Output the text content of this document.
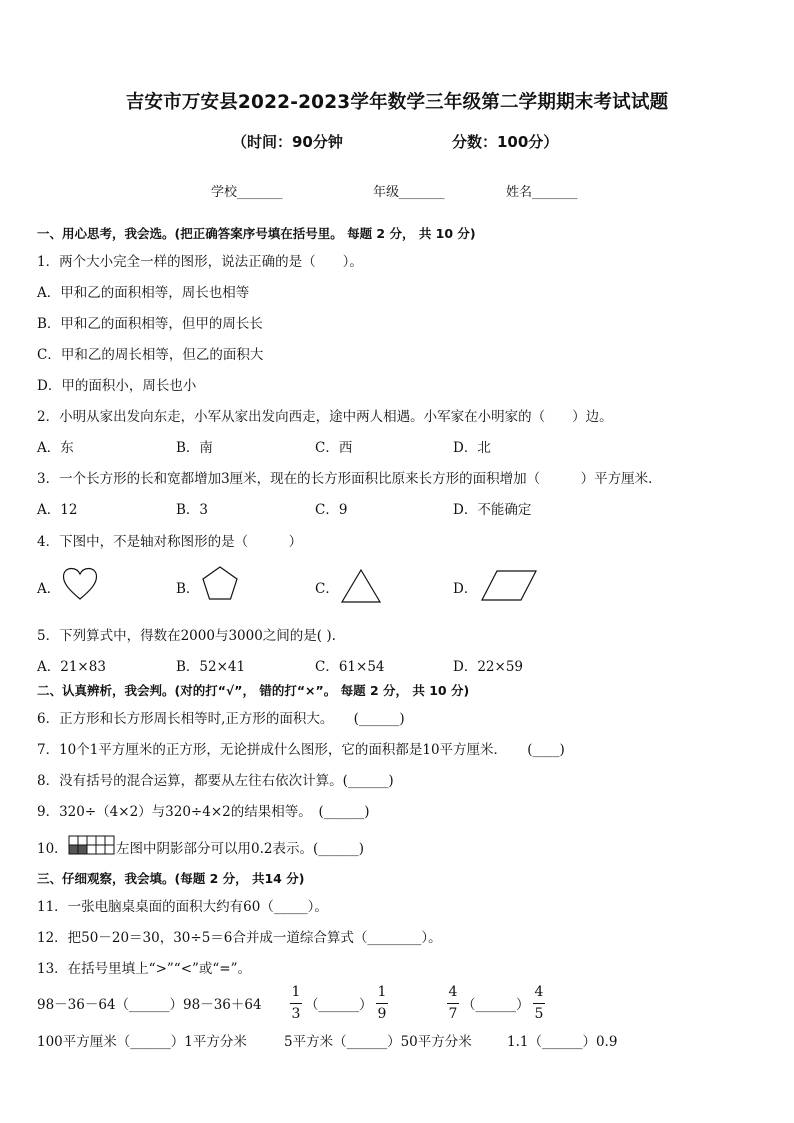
吉安市万安县2022-2023学年数学三年级第二学期期末考试试题
（时间：90分钟	分数：100分）
学校_______	年级_______	姓名_______
一、用心思考，我会选。(把正确答案序号填在括号里。 每题 2 分， 共 10 分)
1．两个大小完全一样的图形，说法正确的是（　　）。
A．甲和乙的面积相等，周长也相等
B．甲和乙的面积相等，但甲的周长长
C．甲和乙的周长相等，但乙的面积大
D．甲的面积小，周长也小
2．小明从家出发向东走，小军从家出发向西走，途中两人相遇。小军家在小明家的（　　）边。
A．东	B．南	C．西	D．北
3．一个长方形的长和宽都增加3厘米，现在的长方形面积比原来长方形的面积增加（　　　）平方厘米．
A．12	B．3	C．9	D．不能确定
4．下图中，不是轴对称图形的是（　　　）
A．	B．	C．	D．
5．下列算式中，得数在2000与3000之间的是( ).
A．21×83	B．52×41	C．61×54	D．22×59
二、认真辨析，我会判。(对的打“√”， 错的打“×”。 每题 2 分， 共 10 分)
6．正方形和长方形周长相等时,正方形的面积大。　　(______)
7．10个1平方厘米的正方形，无论拼成什么图形，它的面积都是10平方厘米．　　(____)
8．没有括号的混合运算，都要从左往右依次计算。(______)
9．320÷（4×2）与320÷4×2的结果相等。　(______)
10．	左图中阴影部分可以用0.2表示。(______)
三、仔细观察，我会填。(每题 2 分， 共14 分)
11．一张电脑桌桌面的面积大约有60（_____）。
12．把50－20＝30，30÷5＝6合并成一道综合算式（________）。
13．在括号里填上“>”“<”或“=”。
98－36－64（______）98－36＋64
1
3
（______）
1
9
4
7
（______）
4
5
100平方厘米（______）1平方分米	5平方米（______）50平方分米	1.1（______）0.9
